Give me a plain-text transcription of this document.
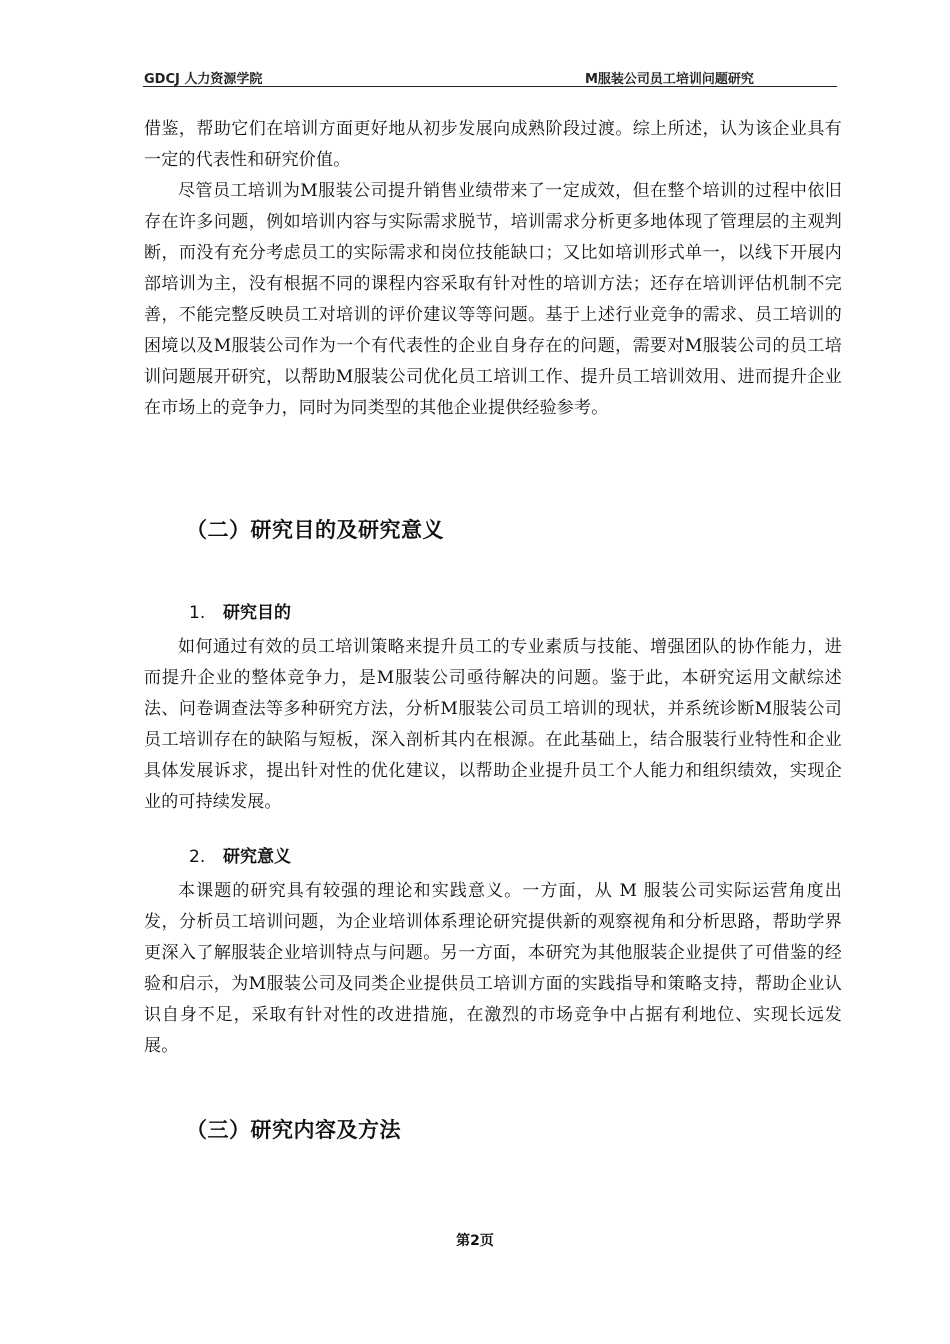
GDCJ 人力资源学院	M服装公司员工培训问题研究

借鉴，帮助它们在培训方面更好地从初步发展向成熟阶段过渡。综上所述，认为该企业具有一定的代表性和研究价值。

尽管员工培训为M服装公司提升销售业绩带来了一定成效，但在整个培训的过程中依旧存在许多问题，例如培训内容与实际需求脱节，培训需求分析更多地体现了管理层的主观判断，而没有充分考虑员工的实际需求和岗位技能缺口；又比如培训形式单一，以线下开展内部培训为主，没有根据不同的课程内容采取有针对性的培训方法；还存在培训评估机制不完善，不能完整反映员工对培训的评价建议等等问题。基于上述行业竞争的需求、员工培训的困境以及M服装公司作为一个有代表性的企业自身存在的问题，需要对M服装公司的员工培训问题展开研究，以帮助M服装公司优化员工培训工作、提升员工培训效用、进而提升企业在市场上的竞争力，同时为同类型的其他企业提供经验参考。

（二）研究目的及研究意义
1. 研究目的

如何通过有效的员工培训策略来提升员工的专业素质与技能、增强团队的协作能力，进而提升企业的整体竞争力，是M服装公司亟待解决的问题。鉴于此，本研究运用文献综述法、问卷调查法等多种研究方法，分析M服装公司员工培训的现状，并系统诊断M服装公司员工培训存在的缺陷与短板，深入剖析其内在根源。在此基础上，结合服装行业特性和企业具体发展诉求，提出针对性的优化建议，以帮助企业提升员工个人能力和组织绩效，实现企业的可持续发展。

2. 研究意义

本课题的研究具有较强的理论和实践意义。一方面，从 M 服装公司实际运营角度出发，分析员工培训问题，为企业培训体系理论研究提供新的观察视角和分析思路，帮助学界更深入了解服装企业培训特点与问题。另一方面，本研究为其他服装企业提供了可借鉴的经验和启示，为M服装公司及同类企业提供员工培训方面的实践指导和策略支持，帮助企业认识自身不足，采取有针对性的改进措施，在激烈的市场竞争中占据有利地位、实现长远发展。

（三）研究内容及方法
第2页
